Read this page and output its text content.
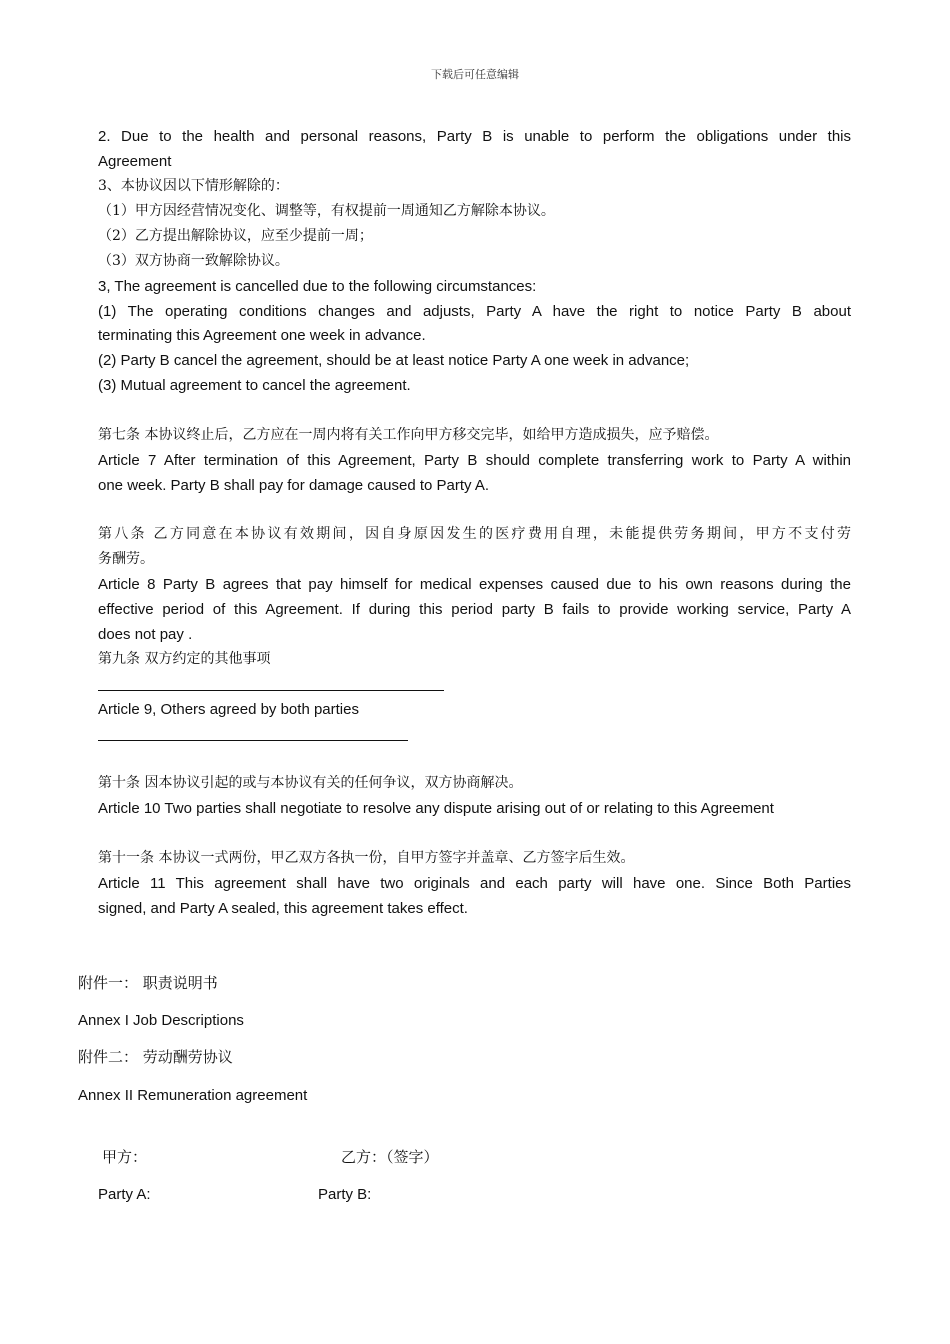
下载后可任意编辑
2. Due to the health and personal reasons, Party B is unable to perform the obligations under this
Agreement
3、本协议因以下情形解除的：
（1）甲方因经营情况变化、调整等，有权提前一周通知乙方解除本协议。
（2）乙方提出解除协议，应至少提前一周；
（3）双方协商一致解除协议。
3, The agreement is cancelled due to the following circumstances:
(1) The operating conditions changes and adjusts, Party A have the right to notice Party B about
terminating this Agreement one week in advance.
(2) Party B cancel the agreement, should be at least notice Party A one week in advance;
(3) Mutual agreement to cancel the agreement.
第七条 本协议终止后，乙方应在一周内将有关工作向甲方移交完毕，如给甲方造成损失，应予赔偿。
Article 7 After termination of this Agreement, Party B should complete transferring work to Party A within
one week. Party B shall pay for damage caused to Party A.
第八条 乙方同意在本协议有效期间，因自身原因发生的医疗费用自理，未能提供劳务期间，甲方不支付劳
务酬劳。
Article 8 Party B agrees that pay himself for medical expenses caused due to his own reasons during the
effective period of this Agreement. If during this period party B fails to provide working service, Party A
does not pay .
第九条 双方约定的其他事项
Article 9, Others agreed by both parties
第十条 因本协议引起的或与本协议有关的任何争议，双方协商解决。
Article 10 Two parties shall negotiate to resolve any dispute arising out of or relating to this Agreement
第十一条 本协议一式两份，甲乙双方各执一份，自甲方签字并盖章、乙方签字后生效。
Article 11 This agreement shall have two originals and each party will have one. Since Both Parties
signed, and Party A sealed, this agreement takes effect.
附件一： 职责说明书
Annex I Job Descriptions
附件二： 劳动酬劳协议
Annex II Remuneration agreement
甲方：	乙方：（签字）
Party A:	Party B:
